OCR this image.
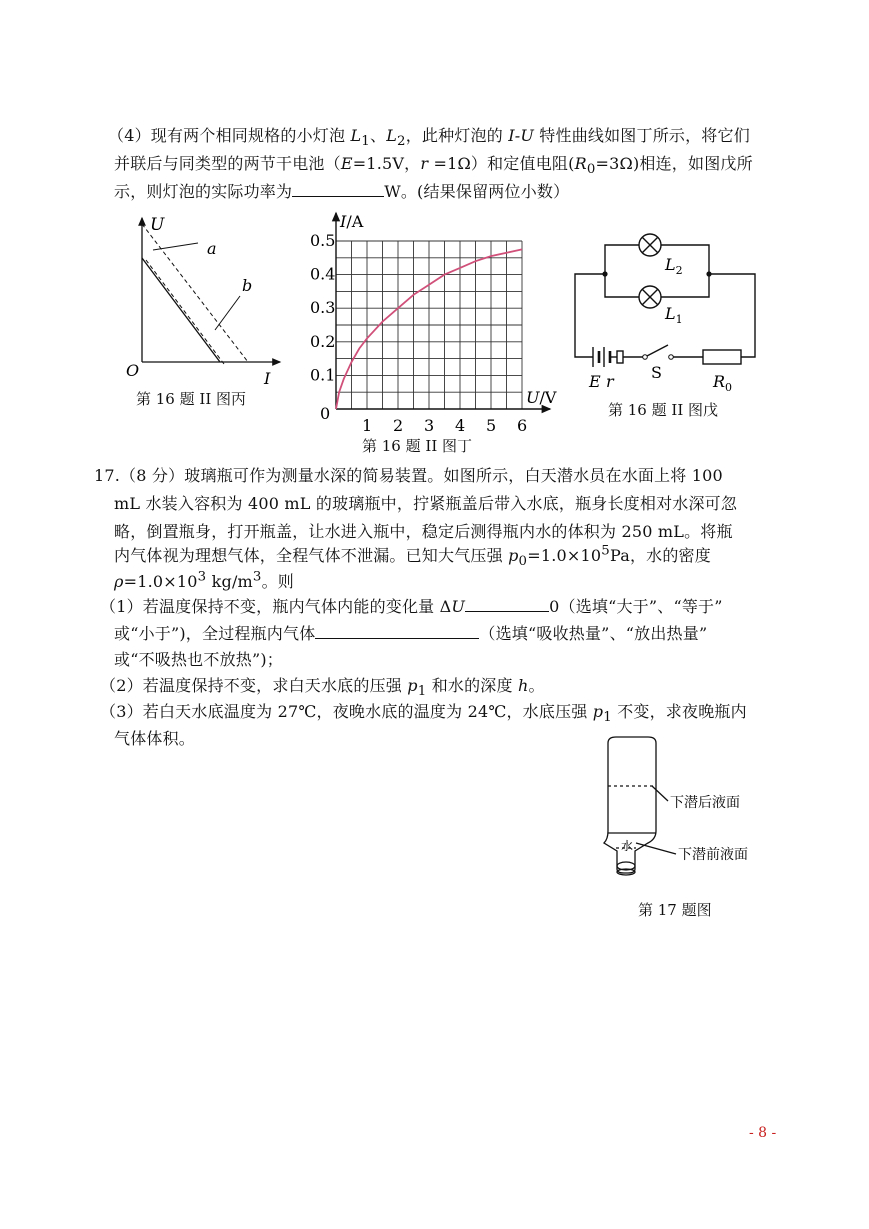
（4）现有两个相同规格的小灯泡 $L_1$、$L_2$，此种灯泡的 I-U 特性曲线如图丁所示，将它们
并联后与同类型的两节干电池（E=1.5V，r =1Ω）和定值电阻$(R_0=3\Omega)$相连，如图戊所
示，则灯泡的实际功率为	W。(结果保留两位小数）
U
a
b
O	I
第 16 题 II 图丙
1 2 3 4 5 6
0.1
0.2
0.3
0.4
0.5
I/A
U/V
0
第 16 题 II 图丁
$L_2$
$L_1$
E r S	$R_0$
第 16 题 II 图戊
17.（8 分）玻璃瓶可作为测量水深的简易装置。如图所示，白天潜水员在水面上将 100
mL 水装入容积为 400 mL 的玻璃瓶中，拧紧瓶盖后带入水底，瓶身长度相对水深可忽
略，倒置瓶身，打开瓶盖，让水进入瓶中，稳定后测得瓶内水的体积为 250 mL。将瓶
内气体视为理想气体，全程气体不泄漏。已知大气压强 $p_0=1.0\times 10^5Pa$，水的密度
$\rho=1.0\times 10^3$ $kg/m^3$。则
（1）若温度保持不变，瓶内气体内能的变化量 ΔU	0（选填“大于”、“等于”
或“小于”)，全过程瓶内气体	（选填“吸收热量”、“放出热量”
或“不吸热也不放热”)；
（2）若温度保持不变，求白天水底的压强 $p_1$ 和水的深度 h。
（3）若白天水底温度为 27℃，夜晚水底的温度为 24℃，水底压强 $p_1$ 不变，求夜晚瓶内
气体体积。
下潜后液面
下潜前液面
水
第 17 题图
- 8 -
